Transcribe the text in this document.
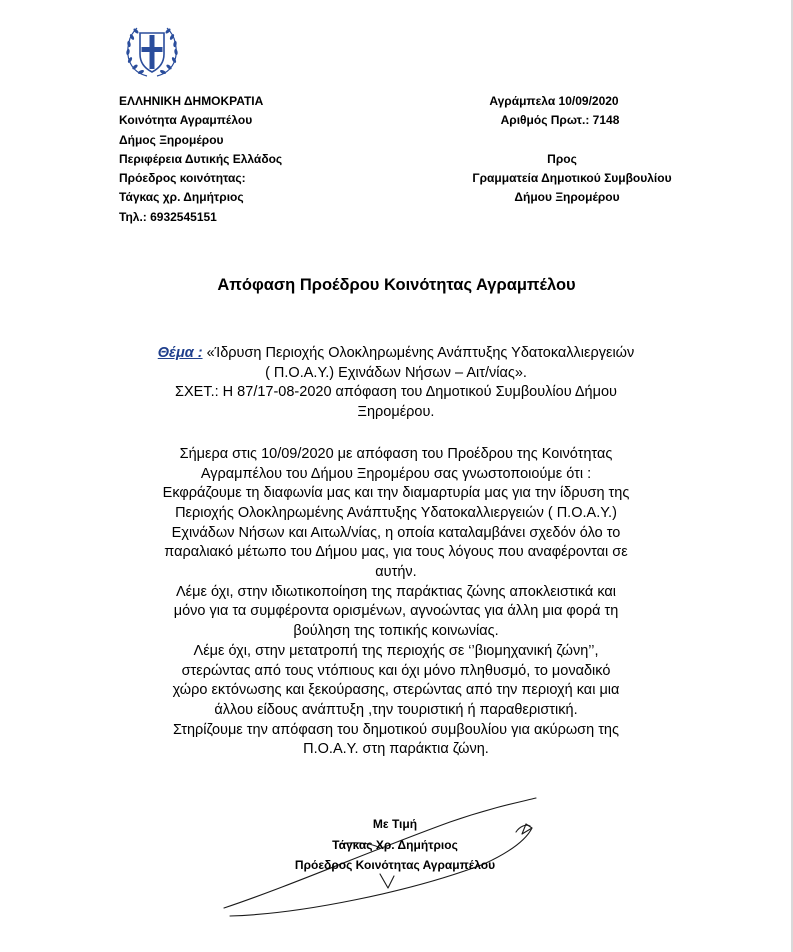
ΕΛΛΗΝΙΚΗ ΔΗΜΟΚΡΑΤΙΑ
Κοινότητα Αγραμπέλου
Δήμος Ξηρομέρου
Περιφέρεια Δυτικής Ελλάδος
Πρόεδρος κοινότητας:
Τάγκας χρ. Δημήτριος
Τηλ.: 6932545151
Αγράμπελα 10/09/2020
Αριθμός Πρωτ.: 7148
Προς
Γραμματεία Δημοτικού Συμβουλίου
Δήμου Ξηρομέρου
Απόφαση Προέδρου Κοινότητας Αγραμπέλου

Θέμα : «Ίδρυση Περιοχής Ολοκληρωμένης Ανάπτυξης Υδατοκαλλιεργειών

( Π.Ο.Α.Υ.) Εχινάδων Νήσων – Αιτ/νίας».

ΣΧΕΤ.: Η 87/17-08-2020 απόφαση του Δημοτικού Συμβουλίου Δήμου

Ξηρομέρου.

Σήμερα στις 10/09/2020 με απόφαση του Προέδρου της Κοινότητας

Αγραμπέλου του Δήμου Ξηρομέρου σας γνωστοποιούμε ότι :

Εκφράζουμε τη διαφωνία μας και την διαμαρτυρία μας για την ίδρυση της

Περιοχής Ολοκληρωμένης Ανάπτυξης Υδατοκαλλιεργειών ( Π.Ο.Α.Υ.)

Εχινάδων Νήσων και Αιτωλ/νίας, η οποία καταλαμβάνει σχεδόν όλο το

παραλιακό μέτωπο του Δήμου μας, για τους λόγους που αναφέρονται σε

αυτήν.

Λέμε όχι, στην ιδιωτικοποίηση της παράκτιας ζώνης αποκλειστικά και

μόνο για τα συμφέροντα ορισμένων, αγνοώντας για άλλη μια φορά τη

βούληση της τοπικής κοινωνίας.

Λέμε όχι, στην μετατροπή της περιοχής σε ‘’βιομηχανική ζώνη’’,

στερώντας από τους ντόπιους και όχι μόνο πληθυσμό, το μοναδικό

χώρο εκτόνωσης και ξεκούρασης, στερώντας από την περιοχή και μια

άλλου είδους ανάπτυξη ,την τουριστική ή παραθεριστική.

Στηρίζουμε την απόφαση του δημοτικού συμβουλίου για ακύρωση της

Π.Ο.Α.Υ. στη παράκτια ζώνη.

Με Τιμή
Τάγκας Χρ. Δημήτριος
Πρόεδρος Κοινότητας Αγραμπέλου
